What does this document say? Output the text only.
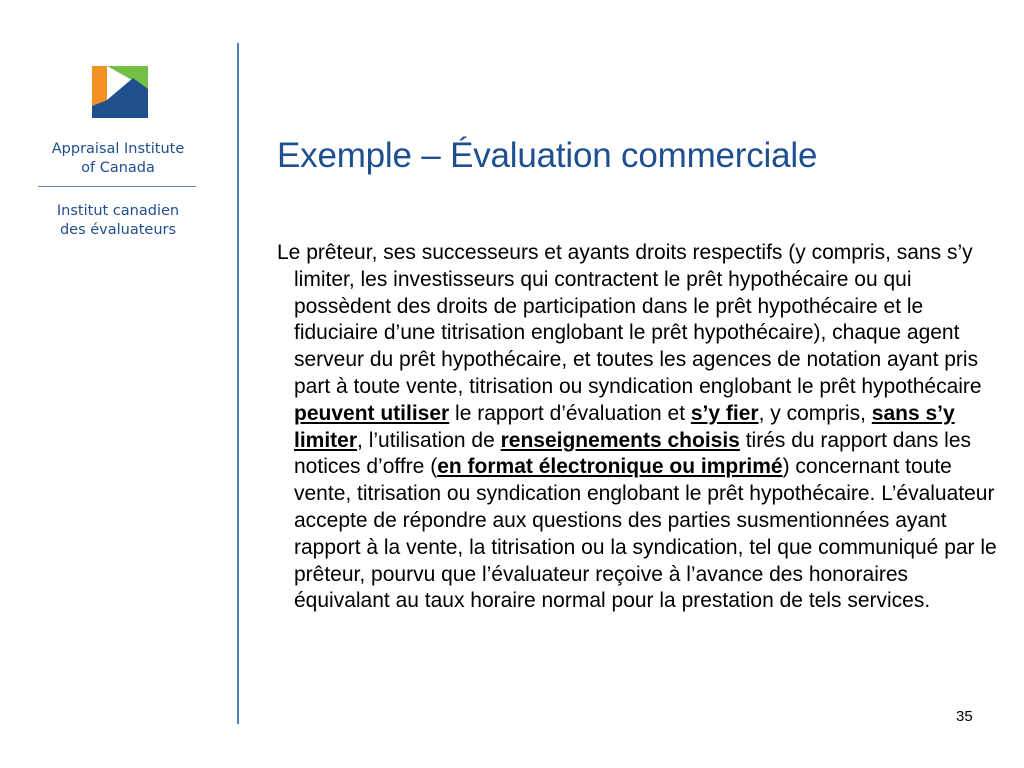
Appraisal Institute
of Canada
Institut canadien
des évaluateurs
Exemple – Évaluation commerciale
Le prêteur, ses successeurs et ayants droits respectifs (y compris, sans s’y limiter, les investisseurs qui contractent le prêt hypothécaire ou qui possèdent des droits de participation dans le prêt hypothécaire et le fiduciaire d’une titrisation englobant le prêt hypothécaire), chaque agent serveur du prêt hypothécaire, et toutes les agences de notation ayant pris part à toute vente, titrisation ou syndication englobant le prêt hypothécaire peuvent utiliser le rapport d’évaluation et s’y fier, y compris, sans s’y limiter, l’utilisation de renseignements choisis tirés du rapport dans les notices d’offre (en format électronique ou imprimé) concernant toute vente, titrisation ou syndication englobant le prêt hypothécaire. L’évaluateur accepte de répondre aux questions des parties susmentionnées ayant rapport à la vente, la titrisation ou la syndication, tel que communiqué par le prêteur, pourvu que l’évaluateur reçoive à l’avance des honoraires équivalant au taux horaire normal pour la prestation de tels services.
35
